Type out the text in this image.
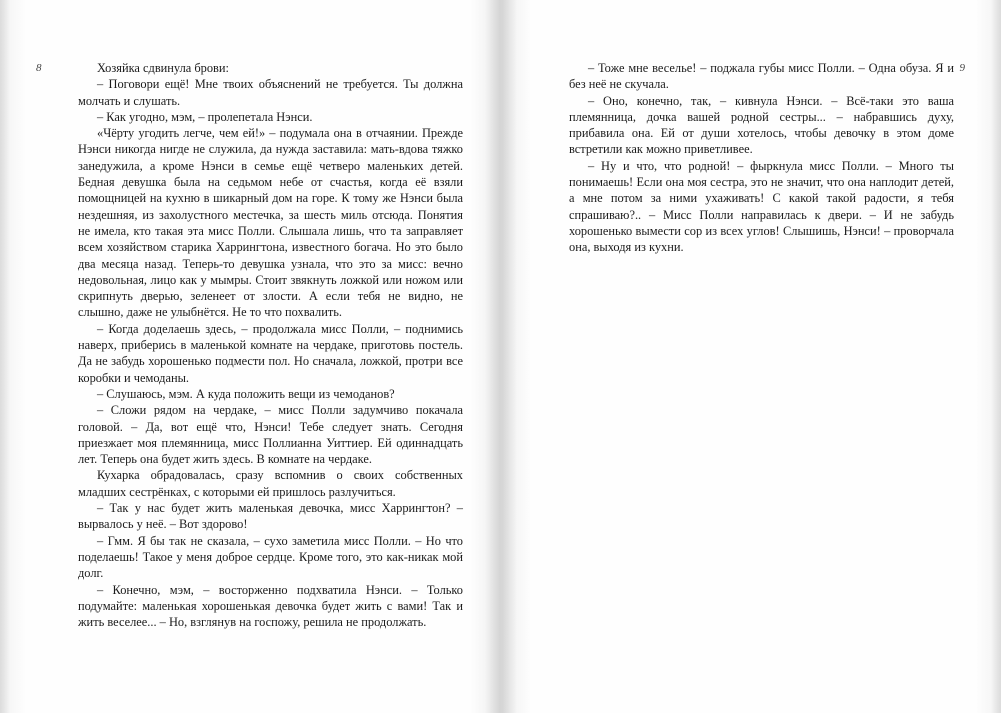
8	Хозяйка сдвинула брови:

– Поговори ещё! Мне твоих объяснений не требуется. Ты должна молчать и слушать.

– Как угодно, мэм, – пролепетала Нэнси.

«Чёрту угодить легче, чем ей!» – подумала она в отчаянии. Прежде Нэнси никогда нигде не служила, да нужда заставила: мать-вдова тяжко занедужила, а кроме Нэнси в семье ещё четверо маленьких детей. Бедная девушка была на седьмом небе от счастья, когда её взяли помощницей на кухню в шикарный дом на горе. К тому же Нэнси была нездешняя, из захолустного местечка, за шесть миль отсюда. Понятия не имела, кто такая эта мисс Полли. Слышала лишь, что та заправляет всем хозяйством старика Харрингтона, известного богача. Но это было два месяца назад. Теперь-то девушка узнала, что это за мисс: вечно недовольная, лицо как у мымры. Стоит звякнуть ложкой или ножом или скрипнуть дверью, зеленеет от злости. А если тебя не видно, не слышно, даже не улыбнётся. Не то что похвалить.

– Когда доделаешь здесь, – продолжала мисс Полли, – поднимись наверх, приберись в маленькой комнате на чердаке, приготовь постель. Да не забудь хорошенько подмести пол. Но сначала, ложкой, протри все коробки и чемоданы.

– Слушаюсь, мэм. А куда положить вещи из чемоданов?

– Сложи рядом на чердаке, – мисс Полли задумчиво покачала головой. – Да, вот ещё что, Нэнси! Тебе следует знать. Сегодня приезжает моя племянница, мисс Поллианна Уиттиер. Ей одиннадцать лет. Теперь она будет жить здесь. В комнате на чердаке.

Кухарка обрадовалась, сразу вспомнив о своих собственных младших сестрёнках, с которыми ей пришлось разлучиться.

– Так у нас будет жить маленькая девочка, мисс Харрингтон? – вырвалось у неё. – Вот здорово!

– Гмм. Я бы так не сказала, – сухо заметила мисс Полли. – Но что поделаешь! Такое у меня доброе сердце. Кроме того, это как-никак мой долг.

– Конечно, мэм, – восторженно подхватила Нэнси. – Только подумайте: маленькая хорошенькая девочка будет жить с вами! Так и жить веселее... – Но, взглянув на госпожу, решила не продолжать.

9

– Тоже мне веселье! – поджала губы мисс Полли. – Одна обуза. Я и без неё не скучала.

– Оно, конечно, так, – кивнула Нэнси. – Всё-таки это ваша племянница, дочка вашей родной сестры... – набравшись духу, прибавила она. Ей от души хотелось, чтобы девочку в этом доме встретили как можно приветливее.

– Ну и что, что родной! – фыркнула мисс Полли. – Много ты понимаешь! Если она моя сестра, это не значит, что она наплодит детей, а мне потом за ними ухаживать! С какой такой радости, я тебя спрашиваю?.. – Мисс Полли направилась к двери. – И не забудь хорошенько вымести сор из всех углов! Слышишь, Нэнси! – проворчала она, выходя из кухни.
